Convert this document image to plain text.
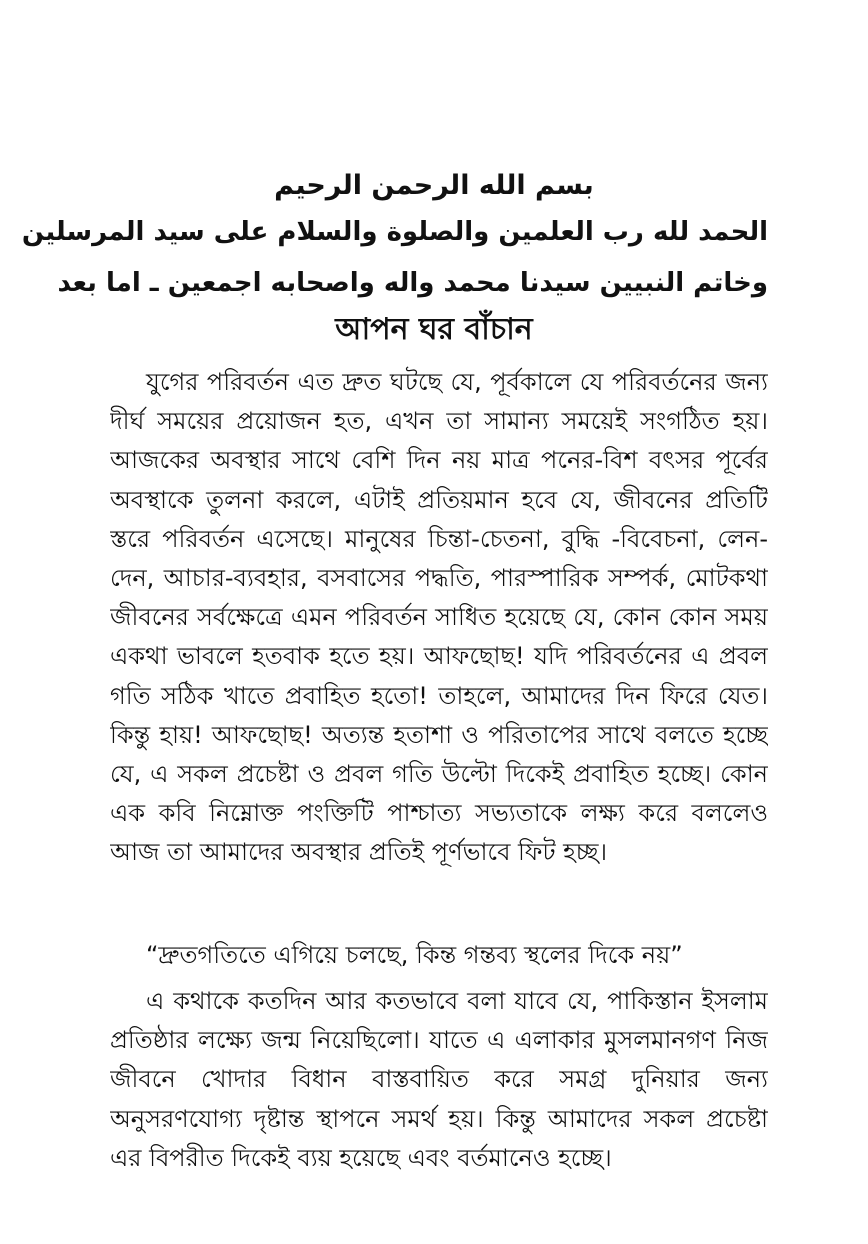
بسم الله الرحمن الرحيم
الحمد لله رب العلمين والصلوة والسلام على سيد المرسلين
وخاتم النبيين سيدنا محمد واله واصحابه اجمعين ـ اما بعد
আপন ঘর বাঁচান

যুগের পরিবর্তন এত দ্রুত ঘটছে যে, পূর্বকালে যে পরিবর্তনের জন্য দীর্ঘ সময়ের প্রয়োজন হত, এখন তা সামান্য সময়েই সংগঠিত হয়। আজকের অবস্থার সাথে বেশি দিন নয় মাত্র পনের-বিশ বৎসর পূর্বের অবস্থাকে তুলনা করলে, এটাই প্রতিয়মান হবে যে, জীবনের প্রতিটি স্তরে পরিবর্তন এসেছে। মানুষের চিন্তা-চেতনা, বুদ্ধি -বিবেচনা, লেন-দেন, আচার-ব্যবহার, বসবাসের পদ্ধতি, পারস্পারিক সম্পর্ক, মোটকথা জীবনের সর্বক্ষেত্রে এমন পরিবর্তন সাধিত হয়েছে যে, কোন কোন সময় একথা ভাবলে হতবাক হতে হয়। আফছোছ! যদি পরিবর্তনের এ প্রবল গতি সঠিক খাতে প্রবাহিত হতো! তাহলে, আমাদের দিন ফিরে যেত। কিন্তু হায়! আফছোছ! অত্যন্ত হতাশা ও পরিতাপের সাথে বলতে হচ্ছে যে, এ সকল প্রচেষ্টা ও প্রবল গতি উল্টো দিকেই প্রবাহিত হচ্ছে। কোন এক কবি নিম্নোক্ত পংক্তিটি পাশ্চাত্য সভ্যতাকে লক্ষ্য করে বললেও আজ তা আমাদের অবস্থার প্রতিই পূর্ণভাবে ফিট হচ্ছ।

“দ্রুতগতিতে এগিয়ে চলছে, কিন্ত গন্তব্য স্থলের দিকে নয়”

এ কথাকে কতদিন আর কতভাবে বলা যাবে যে, পাকিস্তান ইসলাম প্রতিষ্ঠার লক্ষ্যে জন্ম নিয়েছিলো। যাতে এ এলাকার মুসলমানগণ নিজ জীবনে খোদার বিধান বাস্তবায়িত করে সমগ্র দুনিয়ার জন্য অনুসরণযোগ্য দৃষ্টান্ত স্থাপনে সমর্থ হয়। কিন্তু আমাদের সকল প্রচেষ্টা এর বিপরীত দিকেই ব্যয় হয়েছে এবং বর্তমানেও হচ্ছে।
